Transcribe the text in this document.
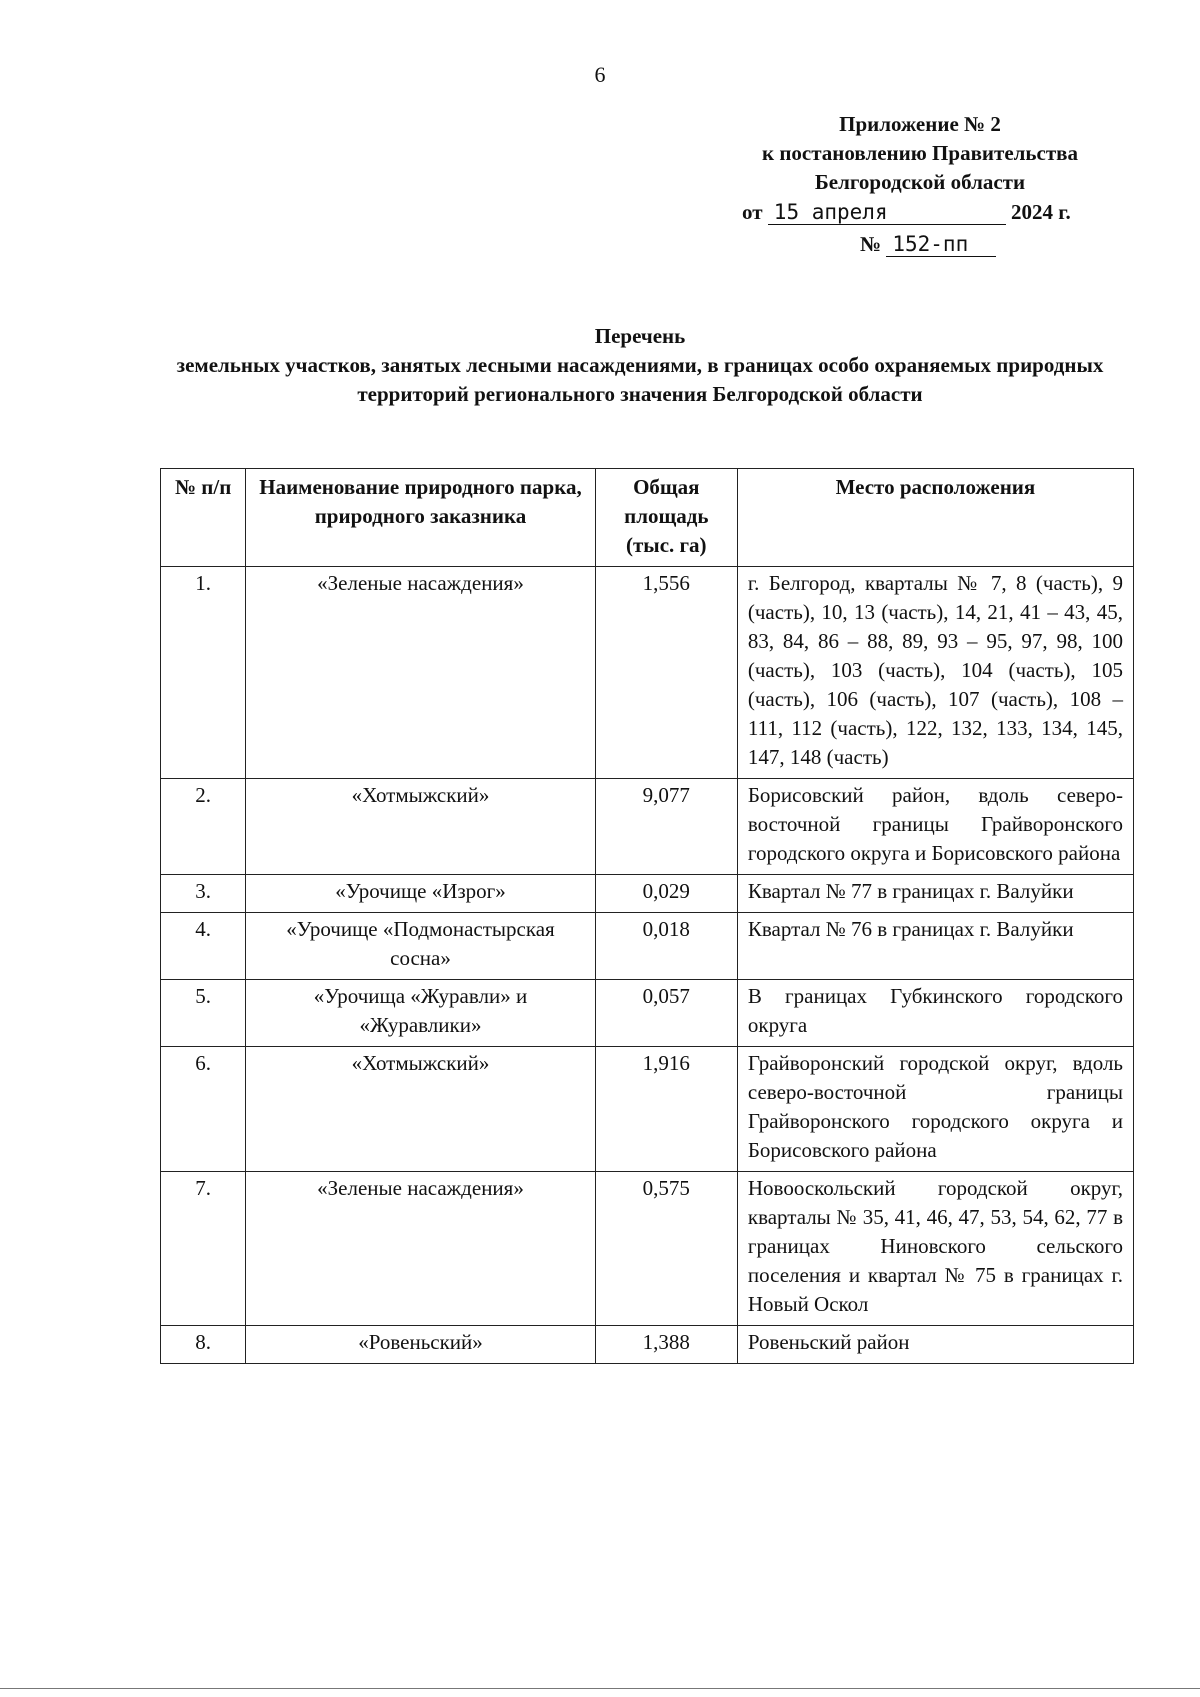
6
Приложение № 2
к постановлению Правительства
Белгородской области
от 15 апреля	2024 г.
№ 152-пп
Перечень
земельных участков, занятых лесными насаждениями, в границах особо охраняемых природных территорий регионального значения Белгородской области
№ п/п	Наименование природного парка, природного заказника	Общая площадь (тыс. га)	Место расположения
1.	«Зеленые насаждения»	1,556	г. Белгород, кварталы № 7, 8 (часть), 9 (часть), 10, 13 (часть), 14, 21, 41 – 43, 45, 83, 84, 86 – 88, 89, 93 – 95, 97, 98, 100 (часть), 103 (часть), 104 (часть), 105 (часть), 106 (часть), 107 (часть), 108 – 111, 112 (часть), 122, 132, 133, 134, 145, 147, 148 (часть)
2.	«Хотмыжский»	9,077	Борисовский район, вдоль северо-восточной границы Грайворонского городского округа и Борисовского района
3.	«Урочище «Изрог»	0,029	Квартал № 77 в границах г. Валуйки
4.	«Урочище «Подмонастырская сосна»	0,018	Квартал № 76 в границах г. Валуйки
5.	«Урочища «Журавли» и «Журавлики»	0,057	В границах Губкинского городского округа
6.	«Хотмыжский»	1,916	Грайворонский городской округ, вдоль северо-восточной границы Грайворонского городского округа и Борисовского района
7.	«Зеленые насаждения»	0,575	Новооскольский городской округ, кварталы № 35, 41, 46, 47, 53, 54, 62, 77 в границах Ниновского сельского поселения и квартал № 75 в границах г. Новый Оскол
8.	«Ровеньский»	1,388	Ровеньский район
